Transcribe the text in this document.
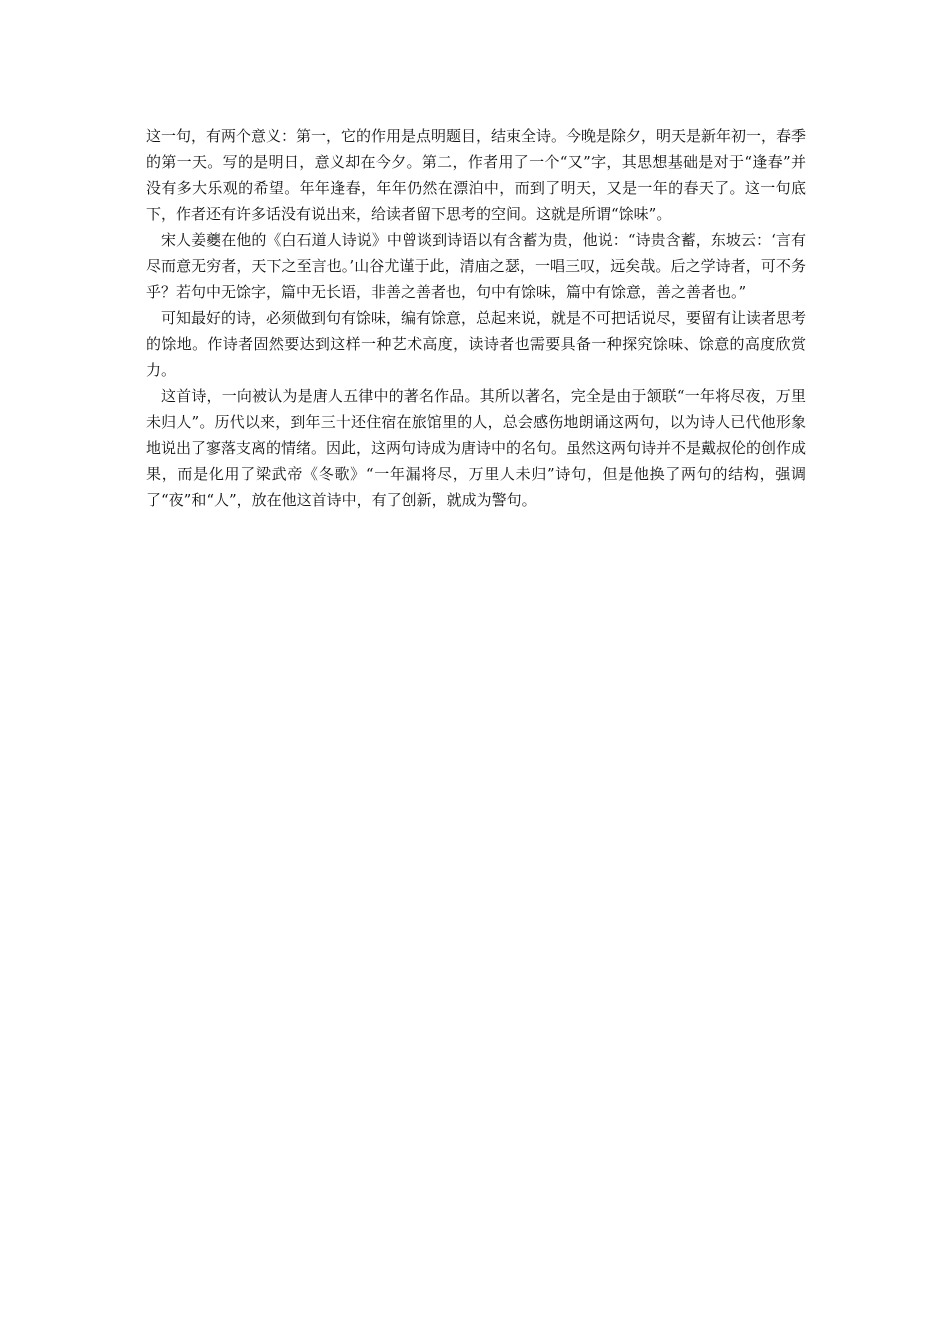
这一句，有两个意义：第一，它的作用是点明题目，结束全诗。今晚是除夕，明天是新年初一，春季的第一天。写的是明日，意义却在今夕。第二，作者用了一个“又”字，其思想基础是对于“逢春”并没有多大乐观的希望。年年逢春，年年仍然在漂泊中，而到了明天，又是一年的春天了。这一句底下，作者还有许多话没有说出来，给读者留下思考的空间。这就是所谓“馀味”。

宋人姜夔在他的《白石道人诗说》中曾谈到诗语以有含蓄为贵，他说：“诗贵含蓄，东坡云：‘言有尽而意无穷者，天下之至言也。’山谷尤谨于此，清庙之瑟，一唱三叹，远矣哉。后之学诗者，可不务乎？若句中无馀字，篇中无长语，非善之善者也，句中有馀味，篇中有馀意，善之善者也。”

可知最好的诗，必须做到句有馀味，编有馀意，总起来说，就是不可把话说尽，要留有让读者思考的馀地。作诗者固然要达到这样一种艺术高度，读诗者也需要具备一种探究馀味、馀意的高度欣赏力。

这首诗，一向被认为是唐人五律中的著名作品。其所以著名，完全是由于颔联“一年将尽夜，万里未归人”。历代以来，到年三十还住宿在旅馆里的人，总会感伤地朗诵这两句，以为诗人已代他形象地说出了寥落支离的情绪。因此，这两句诗成为唐诗中的名句。虽然这两句诗并不是戴叔伦的创作成果，而是化用了梁武帝《冬歌》“一年漏将尽，万里人未归”诗句，但是他换了两句的结构，强调了“夜”和“人”，放在他这首诗中，有了创新，就成为警句。
